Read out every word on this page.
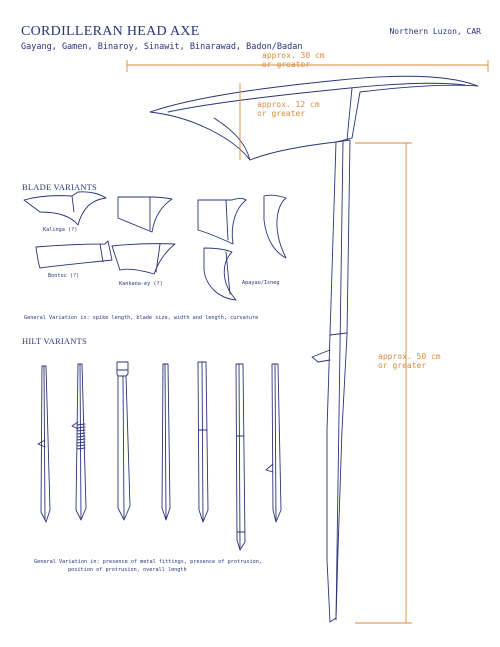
CORDILLERAN HEAD AXE	Northern Luzon, CAR
Gayang, Gamen, Binaroy, Sinawit, Binarawad, Badon/Badan
approx. 30 cm or greater
approx. 12 cm or greater
approx. 50 cm or greater
BLADE VARIANTS
Kalinga (?)
Bontoc (?)
Kankana-ey (?)	Apayao/Isneg
General Variation in: spike length, blade size, width and length, curvature
HILT VARIANTS
General Variation in: presence of metal fittings, presence of protrusion,
position of protrusion, overall length
